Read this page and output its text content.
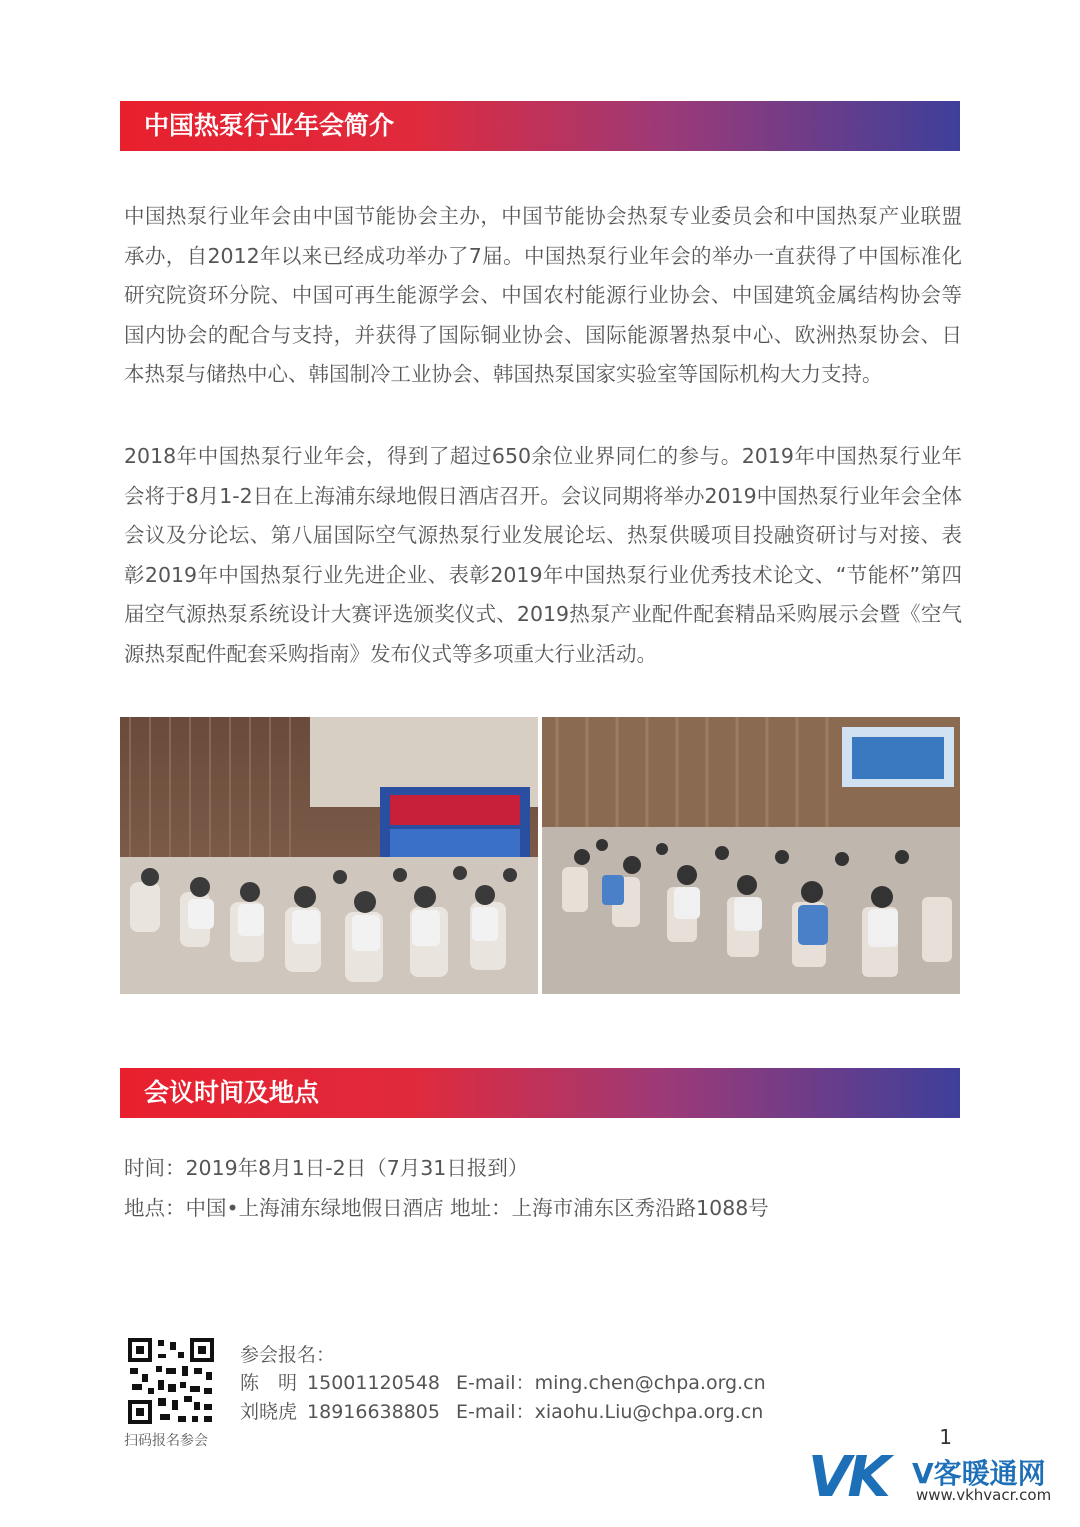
中国热泵行业年会简介

中国热泵行业年会由中国节能协会主办，中国节能协会热泵专业委员会和中国热泵产业联盟承办，自2012年以来已经成功举办了7届。中国热泵行业年会的举办一直获得了中国标准化研究院资环分院、中国可再生能源学会、中国农村能源行业协会、中国建筑金属结构协会等国内协会的配合与支持，并获得了国际铜业协会、国际能源署热泵中心、欧洲热泵协会、日本热泵与储热中心、韩国制冷工业协会、韩国热泵国家实验室等国际机构大力支持。

2018年中国热泵行业年会，得到了超过650余位业界同仁的参与。2019年中国热泵行业年会将于8月1-2日在上海浦东绿地假日酒店召开。会议同期将举办2019中国热泵行业年会全体会议及分论坛、第八届国际空气源热泵行业发展论坛、热泵供暖项目投融资研讨与对接、表彰2019年中国热泵行业先进企业、表彰2019年中国热泵行业优秀技术论文、“节能杯”第四届空气源热泵系统设计大赛评选颁奖仪式、2019热泵产业配件配套精品采购展示会暨《空气源热泵配件配套采购指南》发布仪式等多项重大行业活动。

会议时间及地点
时间：2019年8月1日-2日（7月31日报到）
地点：中国•上海浦东绿地假日酒店 地址：上海市浦东区秀沿路1088号
扫码报名参会
参会报名：
陈　明 15001120548 E-mail：ming.chen@chpa.org.cn
刘晓虎 18916638805 E-mail：xiaohu.Liu@chpa.org.cn
1
VK V客暖通网
www.vkhvacr.com
